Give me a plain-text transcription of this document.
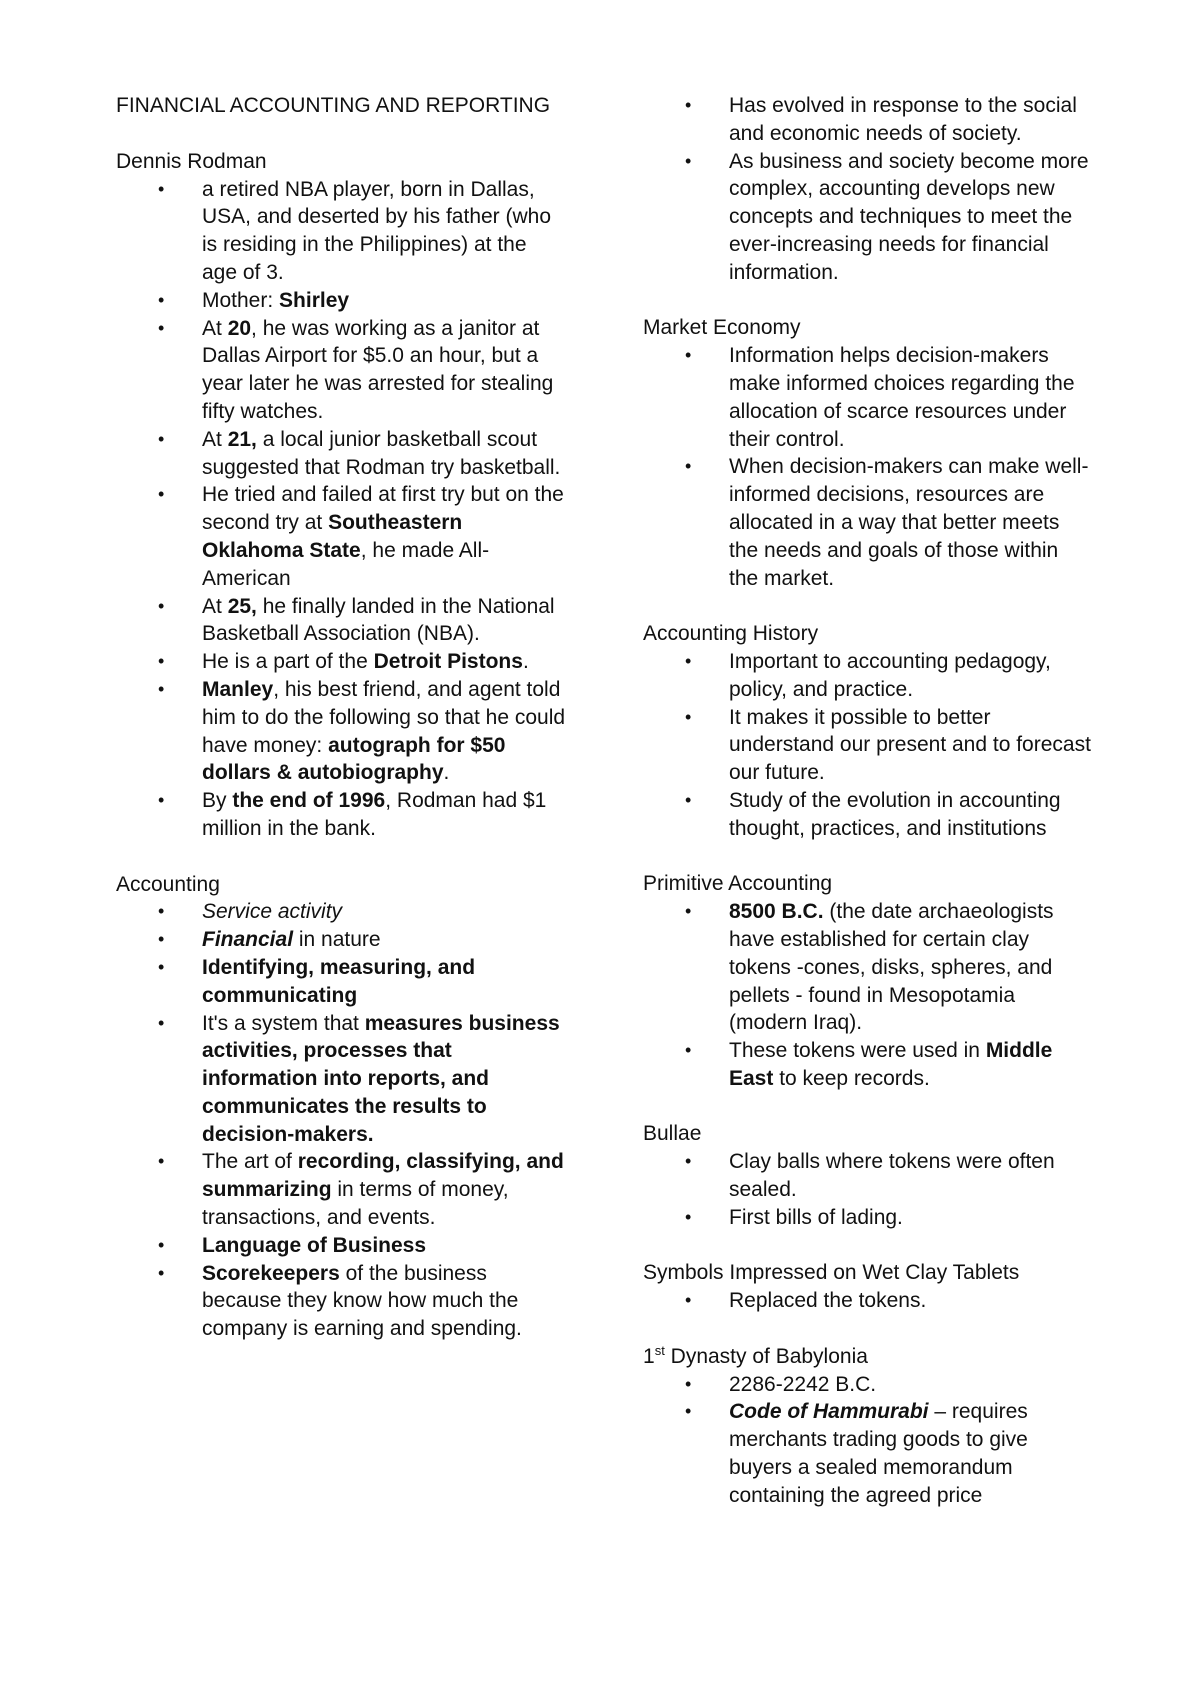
FINANCIAL ACCOUNTING AND REPORTING
Dennis Rodman
• a retired NBA player, born in Dallas, USA, and deserted by his father (who is residing in the Philippines) at the age of 3.
• Mother: Shirley
• At 20, he was working as a janitor at Dallas Airport for $5.0 an hour, but a year later he was arrested for stealing fifty watches.
• At 21, a local junior basketball scout suggested that Rodman try basketball.
• He tried and failed at first try but on the second try at Southeastern Oklahoma State, he made All-American
• At 25, he finally landed in the National Basketball Association (NBA).
• He is a part of the Detroit Pistons.
• Manley, his best friend, and agent told him to do the following so that he could have money: autograph for $50 dollars & autobiography.
• By the end of 1996, Rodman had $1 million in the bank.
Accounting
• Service activity
• Financial in nature
• Identifying, measuring, and communicating
• It's a system that measures business activities, processes that information into reports, and communicates the results to decision-makers.
• The art of recording, classifying, and summarizing in terms of money, transactions, and events.
• Language of Business
• Scorekeepers of the business because they know how much the company is earning and spending.
• Has evolved in response to the social and economic needs of society.
• As business and society become more complex, accounting develops new concepts and techniques to meet the ever-increasing needs for financial information.
Market Economy
• Information helps decision-makers make informed choices regarding the allocation of scarce resources under their control.
• When decision-makers can make well-informed decisions, resources are allocated in a way that better meets the needs and goals of those within the market.
Accounting History
• Important to accounting pedagogy, policy, and practice.
• It makes it possible to better understand our present and to forecast our future.
• Study of the evolution in accounting thought, practices, and institutions
Primitive Accounting
• 8500 B.C. (the date archaeologists have established for certain clay tokens -cones, disks, spheres, and pellets - found in Mesopotamia (modern Iraq).
• These tokens were used in Middle East to keep records.
Bullae
• Clay balls where tokens were often sealed.
• First bills of lading.
Symbols Impressed on Wet Clay Tablets
• Replaced the tokens.
1st Dynasty of Babylonia
• 2286-2242 B.C.
• Code of Hammurabi – requires merchants trading goods to give buyers a sealed memorandum containing the agreed price
